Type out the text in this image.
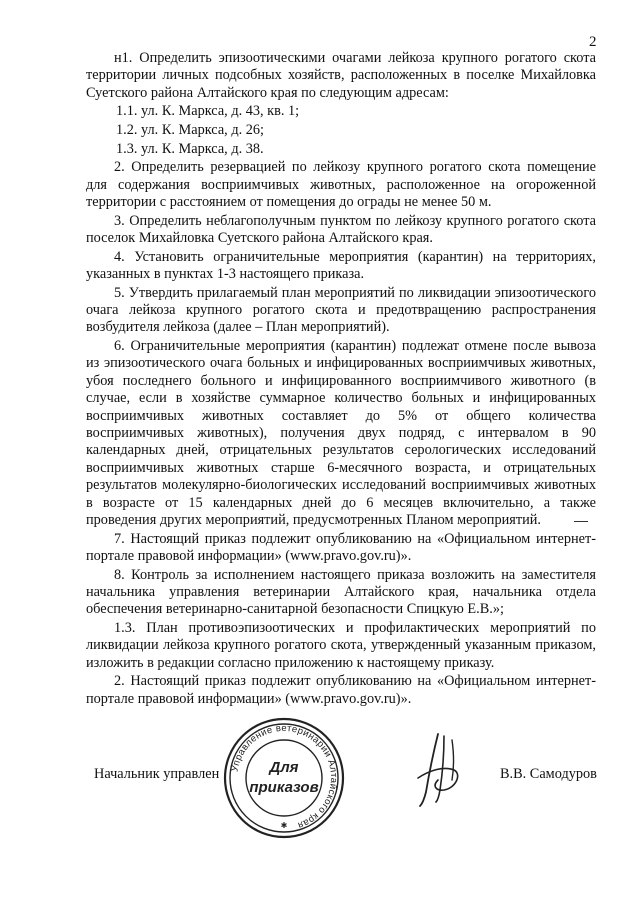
2

н1. Определить эпизоотическими очагами лейкоза крупного рогатого скота территории личных подсобных хозяйств, расположенных в поселке Михайловка Суетского района Алтайского края по следующим адресам:

1.1. ул. К. Маркса, д. 43, кв. 1;

1.2. ул. К. Маркса, д. 26;

1.3. ул. К. Маркса, д. 38.

2. Определить резервацией по лейкозу крупного рогатого скота помещение для содержания восприимчивых животных, расположенное на огороженной территории с расстоянием от помещения до ограды не менее 50 м.

3. Определить неблагополучным пунктом по лейкозу крупного рогатого скота поселок Михайловка Суетского района Алтайского края.

4. Установить ограничительные мероприятия (карантин) на территориях, указанных в пунктах 1-3 настоящего приказа.

5. Утвердить прилагаемый план мероприятий по ликвидации эпизоотического очага лейкоза крупного рогатого скота и предотвращению распространения возбудителя лейкоза (далее – План мероприятий).

6. Ограничительные мероприятия (карантин) подлежат отмене после вывоза из эпизоотического очага больных и инфицированных восприимчивых животных, убоя последнего больного и инфицированного восприимчивого животного (в случае, если в хозяйстве суммарное количество больных и инфицированных восприимчивых животных составляет до 5% от общего количества восприимчивых животных), получения двух подряд, с интервалом в 90 календарных дней, отрицательных результатов серологических исследований восприимчивых животных старше 6-месячного возраста, и отрицательных результатов молекулярно-биологических исследований восприимчивых животных в возрасте от 15 календарных дней до 6 месяцев включительно, а также проведения других мероприятий, предусмотренных Планом мероприятий.

7. Настоящий приказ подлежит опубликованию на «Официальном интернет-портале правовой информации» (www.pravo.gov.ru)».

8. Контроль за исполнением настоящего приказа возложить на заместителя начальника управления ветеринарии Алтайского края, начальника отдела обеспечения ветеринарно-санитарной безопасности Спицкую Е.В.»;

1.3. План противоэпизоотических и профилактических мероприятий по ликвидации лейкоза крупного рогатого скота, утвержденный указанным приказом, изложить в редакции согласно приложению к настоящему приказу.

2. Настоящий приказ подлежит опубликованию на «Официальном интернет-портале правовой информации» (www.pravo.gov.ru)».

Начальник управлен Управление ветеринарии Алтайского края
Для
приказов
✱
В.В. Самодуров
